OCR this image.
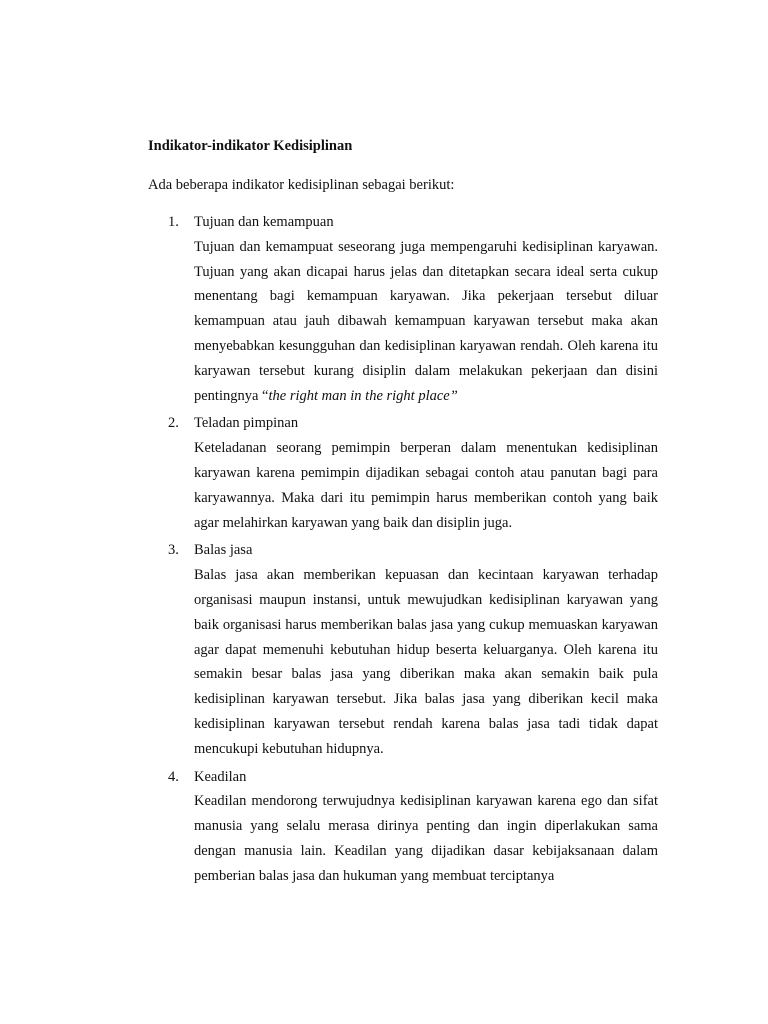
Indikator-indikator Kedisiplinan
Ada beberapa indikator kedisiplinan sebagai berikut:
1. Tujuan dan kemampuan

Tujuan dan kemampuat seseorang juga mempengaruhi kedisiplinan karyawan. Tujuan yang akan dicapai harus jelas dan ditetapkan secara ideal serta cukup menentang bagi kemampuan karyawan. Jika pekerjaan tersebut diluar kemampuan atau jauh dibawah kemampuan karyawan tersebut maka akan menyebabkan kesungguhan dan kedisiplinan karyawan rendah. Oleh karena itu karyawan tersebut kurang disiplin dalam melakukan pekerjaan dan disini pentingnya “the right man in the right place”

2. Teladan pimpinan

Keteladanan seorang pemimpin berperan dalam menentukan kedisiplinan karyawan karena pemimpin dijadikan sebagai contoh atau panutan bagi para karyawannya. Maka dari itu pemimpin harus memberikan contoh yang baik agar melahirkan karyawan yang baik dan disiplin juga.

3. Balas jasa

Balas jasa akan memberikan kepuasan dan kecintaan karyawan terhadap organisasi maupun instansi, untuk mewujudkan kedisiplinan karyawan yang baik organisasi harus memberikan balas jasa yang cukup memuaskan karyawan agar dapat memenuhi kebutuhan hidup beserta keluarganya. Oleh karena itu semakin besar balas jasa yang diberikan maka akan semakin baik pula kedisiplinan karyawan tersebut. Jika balas jasa yang diberikan kecil maka kedisiplinan karyawan tersebut rendah karena balas jasa tadi tidak dapat mencukupi kebutuhan hidupnya.

4. Keadilan

Keadilan mendorong terwujudnya kedisiplinan karyawan karena ego dan sifat manusia yang selalu merasa dirinya penting dan ingin diperlakukan sama dengan manusia lain. Keadilan yang dijadikan dasar kebijaksanaan dalam pemberian balas jasa dan hukuman yang membuat terciptanya
